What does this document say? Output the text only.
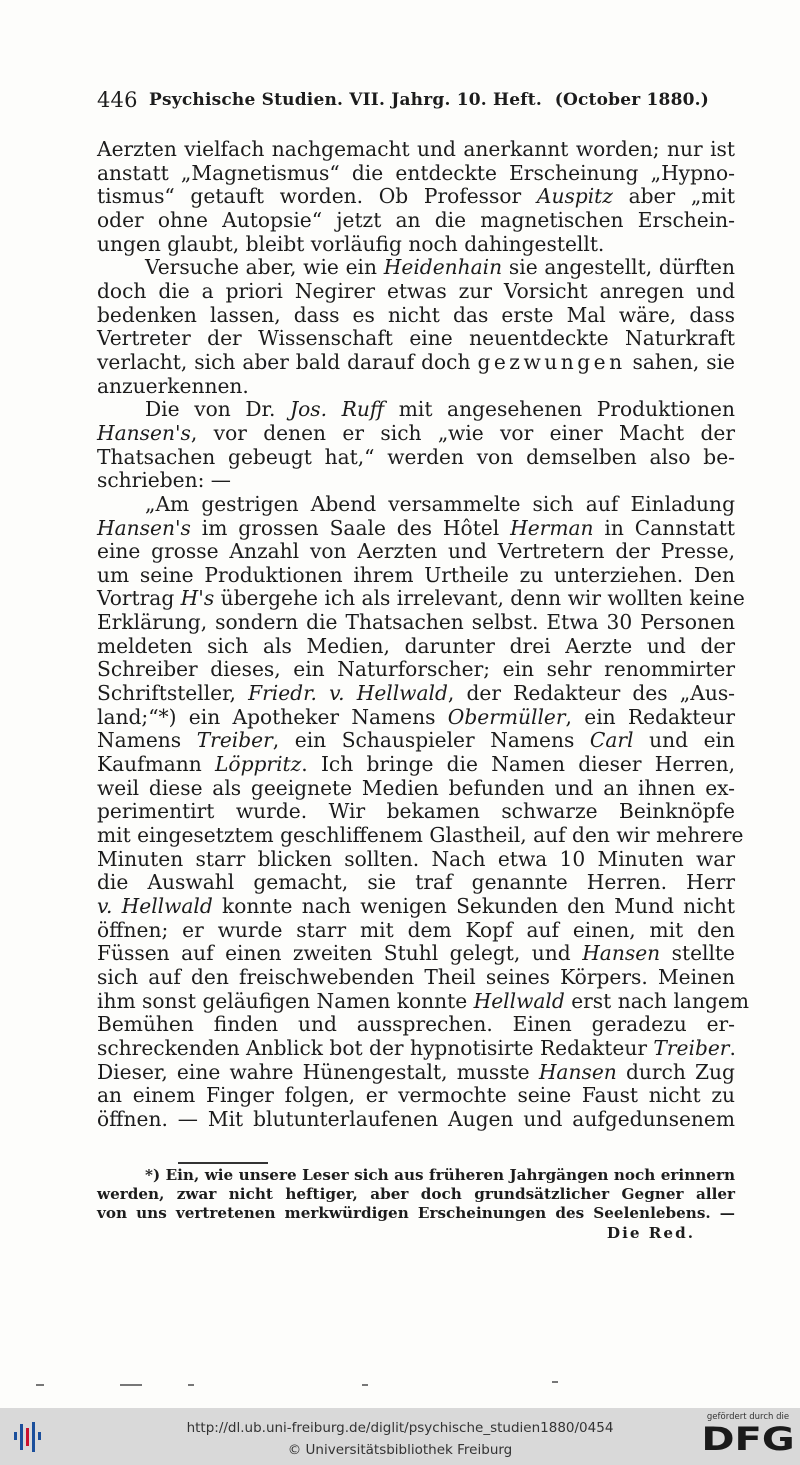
446 Psychische Studien. VII. Jahrg. 10. Heft. (October 1880.)
Aerzten vielfach nachgemacht und anerkannt worden; nur ist
anstatt „Magnetismus“ die entdeckte Erscheinung „Hypno-
tismus“ getauft worden. Ob Professor Auspitz aber „mit
oder ohne Autopsie“ jetzt an die magnetischen Erschein-
ungen glaubt, bleibt vorläufig noch dahingestellt.
Versuche aber, wie ein Heidenhain sie angestellt, dürften
doch die a priori Negirer etwas zur Vorsicht anregen und
bedenken lassen, dass es nicht das erste Mal wäre, dass
Vertreter der Wissenschaft eine neuentdeckte Naturkraft
verlacht, sich aber bald darauf doch gezwungen sahen, sie
anzuerkennen.
Die von Dr. Jos. Ruff mit angesehenen Produktionen
Hansen's, vor denen er sich „wie vor einer Macht der
Thatsachen gebeugt hat,“ werden von demselben also be-
schrieben: —
„Am gestrigen Abend versammelte sich auf Einladung
Hansen's im grossen Saale des Hôtel Herman in Cannstatt
eine grosse Anzahl von Aerzten und Vertretern der Presse,
um seine Produktionen ihrem Urtheile zu unterziehen. Den
Vortrag H's übergehe ich als irrelevant, denn wir wollten keine
Erklärung, sondern die Thatsachen selbst. Etwa 30 Personen
meldeten sich als Medien, darunter drei Aerzte und der
Schreiber dieses, ein Naturforscher; ein sehr renommirter
Schriftsteller, Friedr. v. Hellwald, der Redakteur des „Aus-
land;“*) ein Apotheker Namens Obermüller, ein Redakteur
Namens Treiber, ein Schauspieler Namens Carl und ein
Kaufmann Löppritz. Ich bringe die Namen dieser Herren,
weil diese als geeignete Medien befunden und an ihnen ex-
perimentirt wurde. Wir bekamen schwarze Beinknöpfe
mit eingesetztem geschliffenem Glastheil, auf den wir mehrere
Minuten starr blicken sollten. Nach etwa 10 Minuten war
die Auswahl gemacht, sie traf genannte Herren. Herr
v. Hellwald konnte nach wenigen Sekunden den Mund nicht
öffnen; er wurde starr mit dem Kopf auf einen, mit den
Füssen auf einen zweiten Stuhl gelegt, und Hansen stellte
sich auf den freischwebenden Theil seines Körpers. Meinen
ihm sonst geläufigen Namen konnte Hellwald erst nach langem
Bemühen finden und aussprechen. Einen geradezu er-
schreckenden Anblick bot der hypnotisirte Redakteur Treiber.
Dieser, eine wahre Hünengestalt, musste Hansen durch Zug
an einem Finger folgen, er vermochte seine Faust nicht zu
öffnen. — Mit blutunterlaufenen Augen und aufgedunsenem
*) Ein, wie unsere Leser sich aus früheren Jahrgängen noch erinnern
werden, zwar nicht heftiger, aber doch grundsätzlicher Gegner aller
von uns vertretenen merkwürdigen Erscheinungen des Seelenlebens. —
Die Red.
http://dl.ub.uni-freiburg.de/diglit/psychische_studien1880/0454
© Universitätsbibliothek Freiburg
gefördert durch die
DFG
